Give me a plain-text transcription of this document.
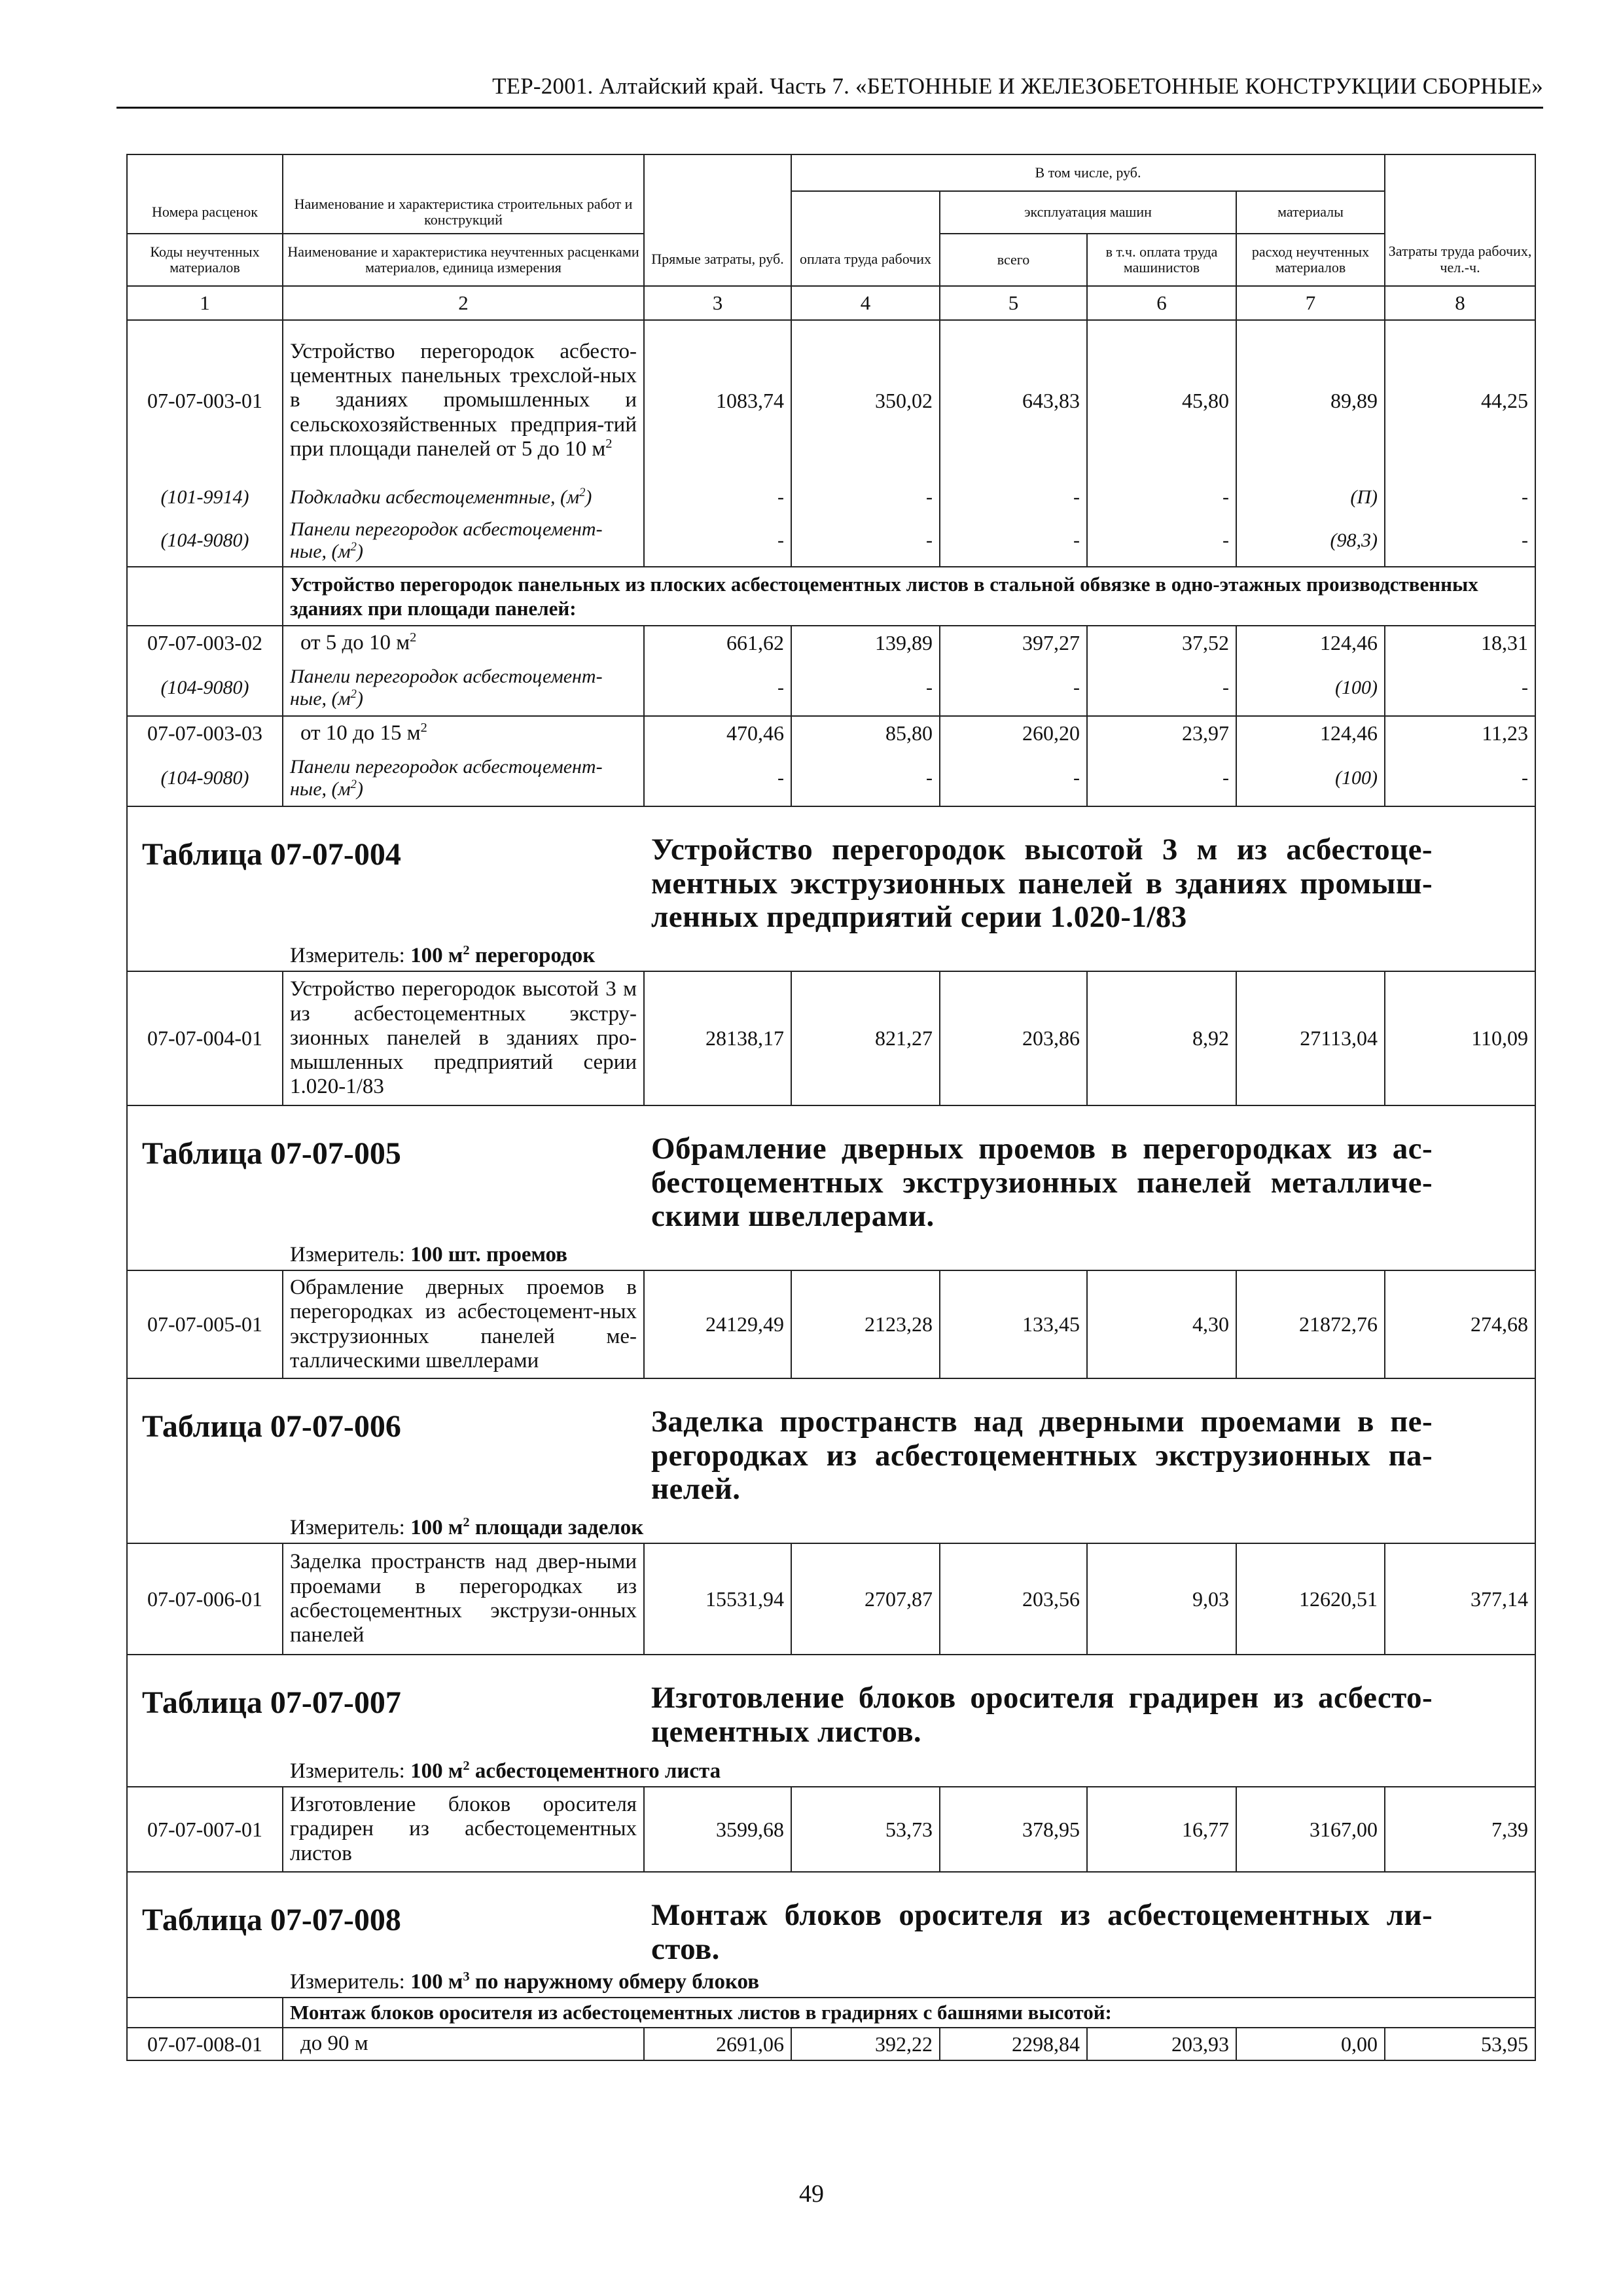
ТЕР-2001. Алтайский край. Часть 7. «БЕТОННЫЕ И ЖЕЛЕЗОБЕТОННЫЕ КОНСТРУКЦИИ СБОРНЫЕ»
			В том числе, руб.				
Номера расценок	Наименование и характеристика строительных работ и конструкций			эксплуатация машин		материалы	
Коды неучтенных материалов	Наименование и характеристика неучтенных расценками материалов, единица измерения	Прямые затраты, руб.	оплата труда рабочих	всего	в т.ч. оплата труда машинистов	расход неучтенных материалов	Затраты труда рабочих, чел.-ч.
1	2	3	4	5	6	7	8
07-07-003-01	Устройство перегородок асбесто-цементных панельных трехслой-ных в зданиях промышленных и сельскохозяйственных предприя-тий при площади панелей от 5 до 10 $м^2$	1083,74	350,02	643,83	45,80	89,89	44,25
(101-9914)	Подкладки асбестоцементные, $(м^2)$	-	-	-	-	(П)	-
(104-9080)	Панели перегородок асбестоцемент-ные, $(м^2)$	-	-	-	-	(98,3)	-
	Устройство перегородок панельных из плоских асбестоцементных листов в стальной обвязке в одно-этажных производственных зданиях при площади панелей:						
07-07-003-02	от 5 до 10 $м^2$	661,62	139,89	397,27	37,52	124,46	18,31
(104-9080)	Панели перегородок асбестоцемент-ные, $(м^2)$	-	-	-	-	(100)	-
07-07-003-03	от 10 до 15 $м^2$	470,46	85,80	260,20	23,97	124,46	11,23
(104-9080)	Панели перегородок асбестоцемент-ные, $(м^2)$	-	-	-	-	(100)	-

Таблица 07-07-004 Устройство перегородок высотой 3 м из асбестоце-ментных экструзионных панелей в зданиях промыш-ленных предприятий серии 1.020-1/83
Измеритель: 100 $м^2$ перегородок							

07-07-004-01	Устройство перегородок высотой 3 м из асбестоцементных экстру-зионных панелей в зданиях про-мышленных предприятий серии 1.020-1/83	28138,17	821,27	203,86	8,92	27113,04	110,09

Таблица 07-07-005 Обрамление дверных проемов в перегородках из ас-бестоцементных экструзионных панелей металличе-скими швеллерами.
Измеритель: 100 шт. проемов							

07-07-005-01	Обрамление дверных проемов в перегородках из асбестоцемент-ных экструзионных панелей ме-таллическими швеллерами	24129,49	2123,28	133,45	4,30	21872,76	274,68

Таблица 07-07-006 Заделка пространств над дверными проемами в пе-регородках из асбестоцементных экструзионных па-нелей.
Измеритель: 100 $м^2$ площади заделок							

07-07-006-01	Заделка пространств над двер-ными проемами в перегородках из асбестоцементных экструзи-онных панелей	15531,94	2707,87	203,56	9,03	12620,51	377,14

Таблица 07-07-007 Изготовление блоков оросителя градирен из асбесто-цементных листов.
Измеритель: 100 $м^2$ асбестоцементного листа							

07-07-007-01	Изготовление блоков оросителя градирен из асбестоцементных листов	3599,68	53,73	378,95	16,77	3167,00	7,39

Таблица 07-07-008 Монтаж блоков оросителя из асбестоцементных ли-стов.
Измеритель: 100 $м^3$ по наружному обмеру блоков							

	Монтаж блоков оросителя из асбестоцементных листов в градирнях с башнями высотой:						
07-07-008-01	до 90 м	2691,06	392,22	2298,84	203,93	0,00	53,95
49
